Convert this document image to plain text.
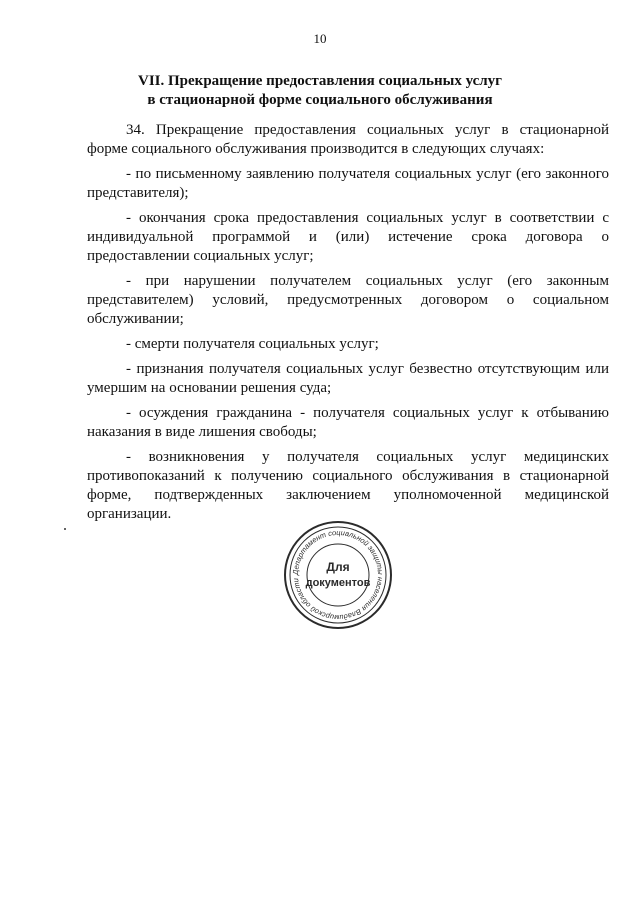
10
VII. Прекращение предоставления социальных услуг
в стационарной форме социального обслуживания

34. Прекращение предоставления социальных услуг в стационарной форме социального обслуживания производится в следующих случаях:

- по письменному заявлению получателя социальных услуг (его законного представителя);

- окончания срока предоставления социальных услуг в соответствии с индивидуальной программой и (или) истечение срока договора о предоставлении социальных услуг;

- при нарушении получателем социальных услуг (его законным представителем) условий, предусмотренных договором о социальном обслуживании;

- смерти получателя социальных услуг;

- признания получателя социальных услуг безвестно отсутствующим или умершим на основании решения суда;

- осуждения гражданина - получателя социальных услуг к отбыванию наказания в виде лишения свободы;

- возникновения у получателя социальных услуг медицинских противопоказаний к получению социального обслуживания в стационарной форме, подтвержденных заключением уполномоченной медицинской организации.

Департамент социальной защиты населения Владимирской области
Для
документов
